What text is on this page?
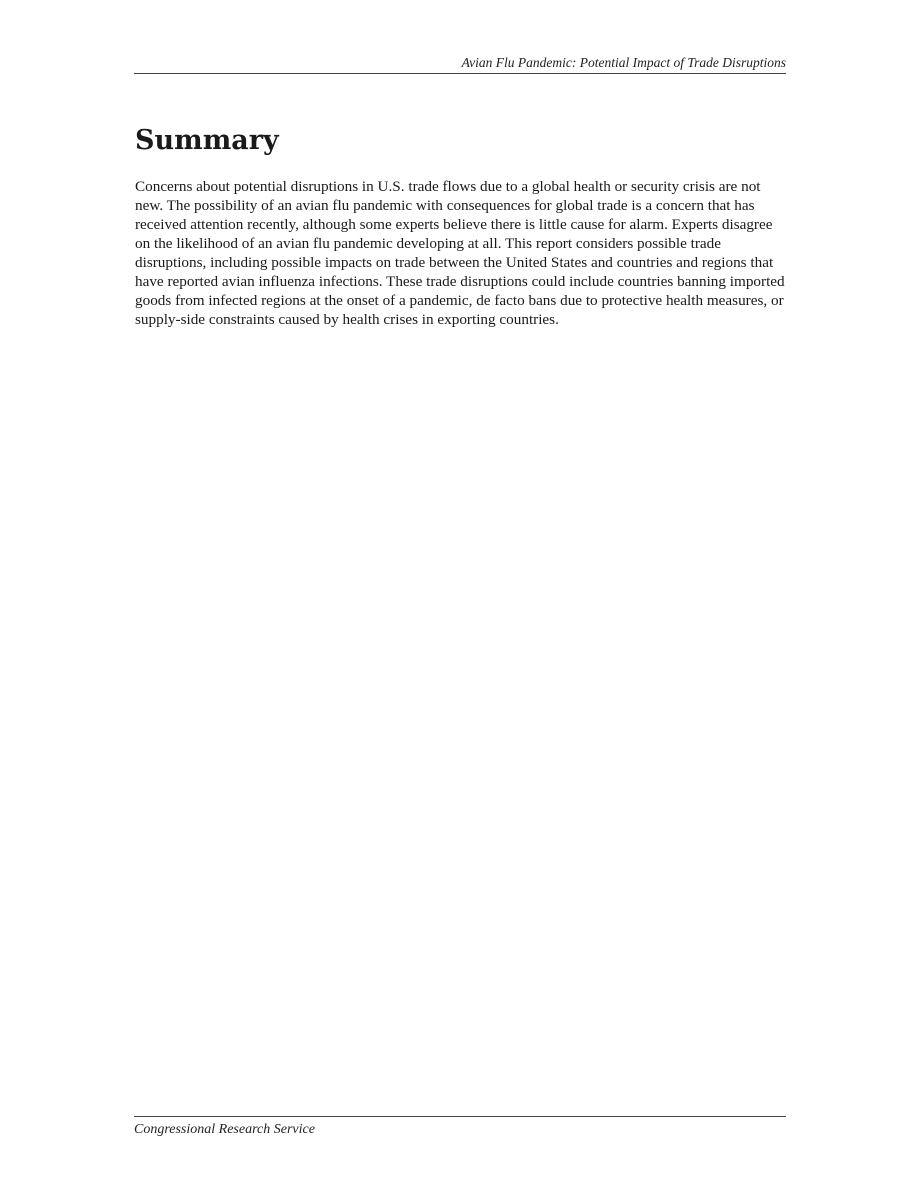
Avian Flu Pandemic: Potential Impact of Trade Disruptions
Summary

Concerns about potential disruptions in U.S. trade flows due to a global health or security crisis are not new. The possibility of an avian flu pandemic with consequences for global trade is a concern that has received attention recently, although some experts believe there is little cause for alarm. Experts disagree on the likelihood of an avian flu pandemic developing at all. This report considers possible trade disruptions, including possible impacts on trade between the United States and countries and regions that have reported avian influenza infections. These trade disruptions could include countries banning imported goods from infected regions at the onset of a pandemic, de facto bans due to protective health measures, or supply-side constraints caused by health crises in exporting countries.

Congressional Research Service
